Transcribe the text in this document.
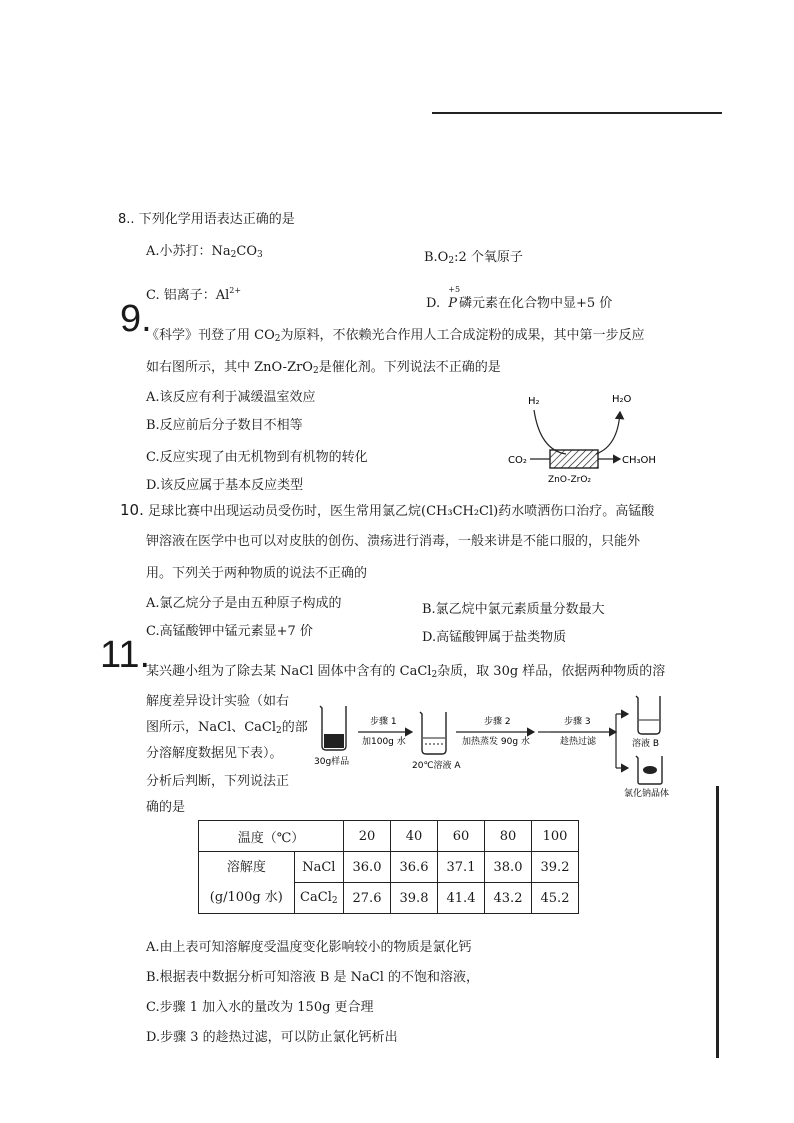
8.. 下列化学用语表达正确的是
A.小苏打：$Na_2CO_3$	$B.O_2:2$ 个氧原子
C. 铝离子：$Al^{2+}$
D.
+5
P 磷元素在化合物中显+5 价
9.
《科学》刊登了用 $CO_2$为原料，不依赖光合作用人工合成淀粉的成果，其中第一步反应
如右图所示，其中 ZnO-ZrO$_2$是催化剂。下列说法不正确的是
A.该反应有利于减缓温室效应
B.反应前后分子数目不相等
C.反应实现了由无机物到有机物的转化
D.该反应属于基本反应类型
H₂	H₂O
CO₂	CH₃OH
ZnO-ZrO₂
10. 足球比赛中出现运动员受伤时，医生常用氯乙烷(CH₃CH₂Cl)药水喷洒伤口治疗。高锰酸
钾溶液在医学中也可以对皮肤的创伤、溃疡进行消毒，一般来讲是不能口服的，只能外
用。下列关于两种物质的说法不正确的
A.氯乙烷分子是由五种原子构成的	B.氯乙烷中氯元素质量分数最大
C.高锰酸钾中锰元素显+7 价	D.高锰酸钾属于盐类物质
11.
某兴趣小组为了除去某 NaCl 固体中含有的 CaCl$_2$杂质，取 30g 样品，依据两种物质的溶
解度差异设计实验（如右
图所示，NaCl、CaCl$_2$的部
分溶解度数据见下表）。
分析后判断，下列说法正
确的是
30g样品
步骤 1
加100g 水
20℃溶液 A
步骤 2
加热蒸发 90g 水
步骤 3
趁热过滤	溶液 B
氯化钠晶体
温度（℃）		20	40	60	80	100

溶解度
(g/100g 水)	NaCl	36.0	36.6	37.1	38.0	39.2
	CaCl$_2$	27.6	39.8	41.4	43.2	45.2
A.由上表可知溶解度受温度变化影响较小的物质是氯化钙
B.根据表中数据分析可知溶液 B 是 NaCl 的不饱和溶液，
C.步骤 1 加入水的量改为 150g 更合理
D.步骤 3 的趁热过滤，可以防止氯化钙析出
